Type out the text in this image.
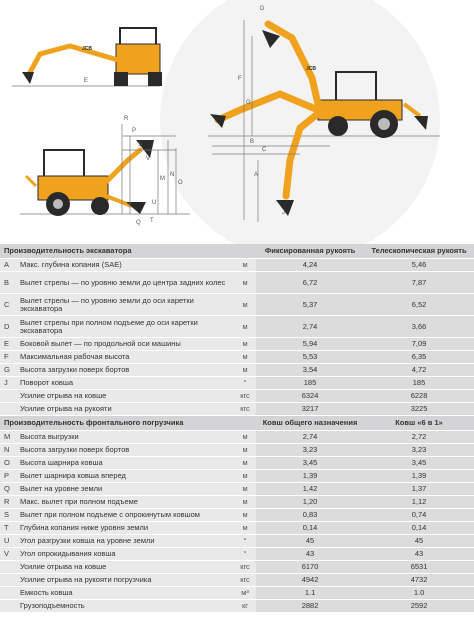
JCB
JCB
A
B
C
D
E	F
G
J
M
N
O
P
Q
R
S
T
U
V
Производительность экскаватора			Фиксированная рукоять	Телескопическая рукоять
A	Макс. глубина копания (SAE)	м	4,24	5,46
B	Вылет стрелы — по уровню земли до центра задних колес	м	6,72	7,87
C	Вылет стрелы — по уровню земли до оси каретки экскаватора	м	5,37	6,52
D	Вылет стрелы при полном подъеме до оси каретки экскаватора	м	2,74	3,66
E	Боковой вылет — по продольной оси машины	м	5,94	7,09
F	Максимальная рабочая высота	м	5,53	6,35
G	Высота загрузки поверх бортов	м	3,54	4,72
J	Поворот ковша	°	185	185
	Усилие отрыва на ковше	кгс	6324	6228
	Усилие отрыва на рукояти	кгс	3217	3225
Производительность фронтального погрузчика			Ковш общего назначения	Ковш «6 в 1»
M	Высота выгрузки	м	2,74	2,72
N	Высота загрузки поверх бортов	м	3,23	3,23
O	Высота шарнира ковша	м	3,45	3,45
P	Вылет шарнира ковша вперед	м	1,39	1,39
Q	Вылет на уровне земли	м	1,42	1,37
R	Макс. вылет при полном подъеме	м	1,20	1,12
S	Вылет при полном подъеме с опрокинутым ковшом	м	0,83	0,74
T	Глубина копания ниже уровня земли	м	0,14	0,14
U	Угол разгрузки ковша на уровне земли	°	45	45
V	Угол опрокидывания ковша	°	43	43
	Усилие отрыва на ковше	кгс	6170	6531
	Усилие отрыва на рукояти погрузчика	кгс	4942	4732
	Емкость ковша	м³	1.1	1.0
	Грузоподъемность	кг	2882	2592
